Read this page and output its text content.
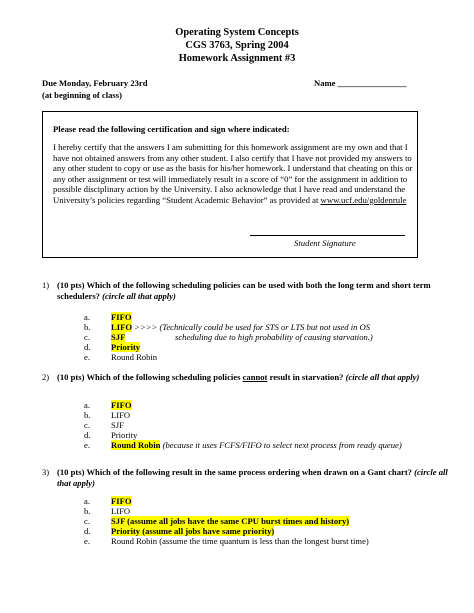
Operating System Concepts
CGS 3763, Spring 2004
Homework Assignment #3
Due Monday, February 23rd
(at beginning of class)
Name ________________
Please read the following certification and sign where indicated:
I hereby certify that the answers I am submitting for this homework assignment are my own and that I have not obtained answers from any other student. I also certify that I have not provided my answers to any other student to copy or use as the basis for his/her homework. I understand that cheating on this or any other assignment or test will immediately result in a score of “0” for the assignment in addition to possible disciplinary action by the University. I also acknowledge that I have read and understand the University’s policies regarding “Student Academic Behavior” as provided at www.ucf.edu/goldenrule
Student Signature
1) (10 pts) Which of the following scheduling policies can be used with both the long term and short term schedulers? (circle all that apply)
a. FIFO
b. LIFO >>>> (Technically could be used for STS or LTS but not used in OS
c. SJF	scheduling due to high probability of causing starvation.)
d. Priority
e. Round Robin
2) (10 pts) Which of the following scheduling policies cannot result in starvation? (circle all that apply)
a. FIFO
b. LIFO
c. SJF
d. Priority
e. Round Robin (because it uses FCFS/FIFO to select next process from ready queue)
3) (10 pts) Which of the following result in the same process ordering when drawn on a Gant chart? (circle all that apply)
a. FIFO
b. LIFO
c. SJF (assume all jobs have the same CPU burst times and history)
d. Priority (assume all jobs have same priority)
e. Round Robin (assume the time quantum is less than the longest burst time)
